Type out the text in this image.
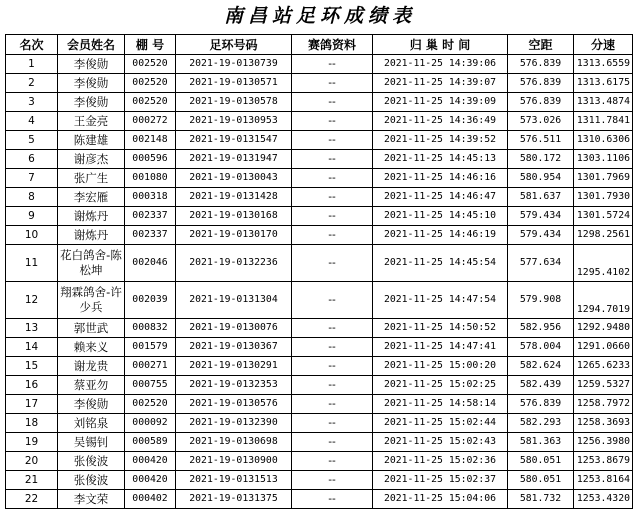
南昌站足环成绩表
名次	会员姓名	棚 号	足环号码	赛鸽资料	归 巢 时 间	空距	分速
1	李俊勋	002520	2021-19-0130739	--	2021-11-25 14:39:06	576.839	1313.6559
2	李俊勋	002520	2021-19-0130571	--	2021-11-25 14:39:07	576.839	1313.6175
3	李俊勋	002520	2021-19-0130578	--	2021-11-25 14:39:09	576.839	1313.4874
4	王金亮	000272	2021-19-0130953	--	2021-11-25 14:36:49	573.026	1311.7841
5	陈建雄	002148	2021-19-0131547	--	2021-11-25 14:39:52	576.511	1310.6306
6	谢彦杰	000596	2021-19-0131947	--	2021-11-25 14:45:13	580.172	1303.1106
7	张广生	001080	2021-19-0130043	--	2021-11-25 14:46:16	580.954	1301.7969
8	李宏雁	000318	2021-19-0131428	--	2021-11-25 14:46:47	581.637	1301.7930
9	谢炼丹	002337	2021-19-0130168	--	2021-11-25 14:45:10	579.434	1301.5724
10	谢炼丹	002337	2021-19-0130170	--	2021-11-25 14:46:19	579.434	1298.2561
11	花白鸽舍-陈松坤	002046	2021-19-0132236	--	2021-11-25 14:45:54	577.634	1295.4102
12	翔霖鸽舍-许少兵	002039	2021-19-0131304	--	2021-11-25 14:47:54	579.908	1294.7019
13	郭世武	000832	2021-19-0130076	--	2021-11-25 14:50:52	582.956	1292.9480
14	赖来义	001579	2021-19-0130367	--	2021-11-25 14:47:41	578.004	1291.0660
15	谢龙贵	000271	2021-19-0130291	--	2021-11-25 15:00:20	582.624	1265.6233
16	蔡亚勿	000755	2021-19-0132353	--	2021-11-25 15:02:25	582.439	1259.5327
17	李俊勋	002520	2021-19-0130576	--	2021-11-25 14:58:14	576.839	1258.7972
18	刘铭泉	000092	2021-19-0132390	--	2021-11-25 15:02:44	582.293	1258.3693
19	吴锡钊	000589	2021-19-0130698	--	2021-11-25 15:02:43	581.363	1256.3980
20	张俊波	000420	2021-19-0130900	--	2021-11-25 15:02:36	580.051	1253.8679
21	张俊波	000420	2021-19-0131513	--	2021-11-25 15:02:37	580.051	1253.8164
22	李文荣	000402	2021-19-0131375	--	2021-11-25 15:04:06	581.732	1253.4320
